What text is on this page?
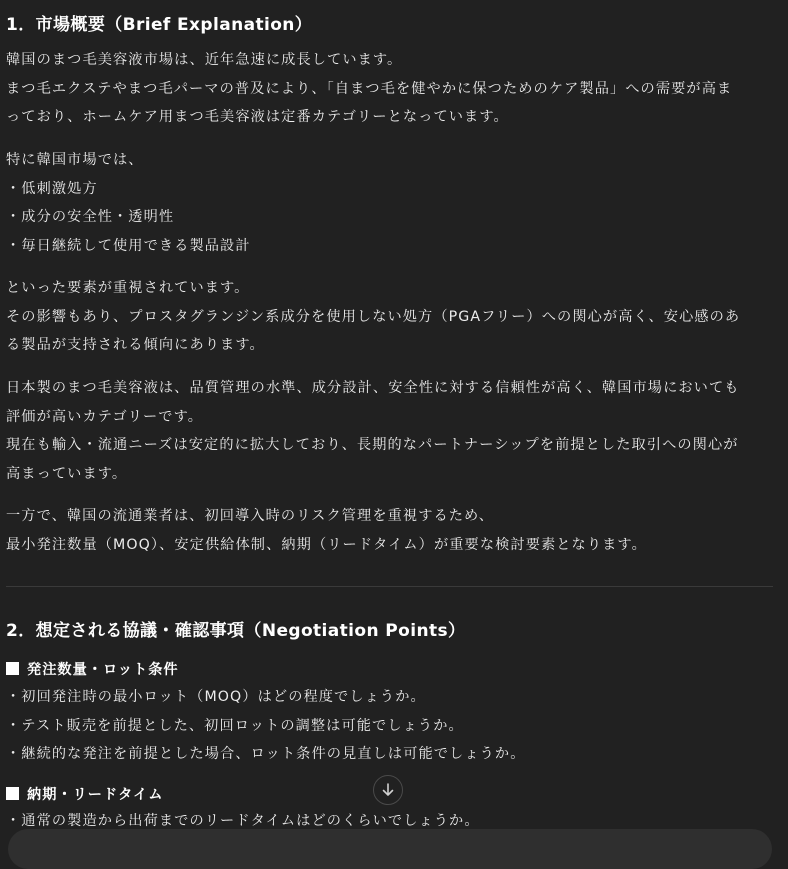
1．市場概要（Brief Explanation）

韓国のまつ毛美容液市場は、近年急速に成長しています。
まつ毛エクステやまつ毛パーマの普及により、「自まつ毛を健やかに保つためのケア製品」への需要が高ま
っており、ホームケア用まつ毛美容液は定番カテゴリーとなっています。

特に韓国市場では、
・低刺激処方
・成分の安全性・透明性
・毎日継続して使用できる製品設計

といった要素が重視されています。
その影響もあり、プロスタグランジン系成分を使用しない処方（PGAフリー）への関心が高く、安心感のあ
る製品が支持される傾向にあります。

日本製のまつ毛美容液は、品質管理の水準、成分設計、安全性に対する信頼性が高く、韓国市場においても
評価が高いカテゴリーです。
現在も輸入・流通ニーズは安定的に拡大しており、長期的なパートナーシップを前提とした取引への関心が
高まっています。

一方で、韓国の流通業者は、初回導入時のリスク管理を重視するため、
最小発注数量（MOQ）、安定供給体制、納期（リードタイム）が重要な検討要素となります。

2．想定される協議・確認事項（Negotiation Points）
発注数量・ロット条件

・初回発注時の最小ロット（MOQ）はどの程度でしょうか。
・テスト販売を前提とした、初回ロットの調整は可能でしょうか。
・継続的な発注を前提とした場合、ロット条件の見直しは可能でしょうか。

納期・リードタイム

・通常の製造から出荷までのリードタイムはどのくらいでしょうか。
